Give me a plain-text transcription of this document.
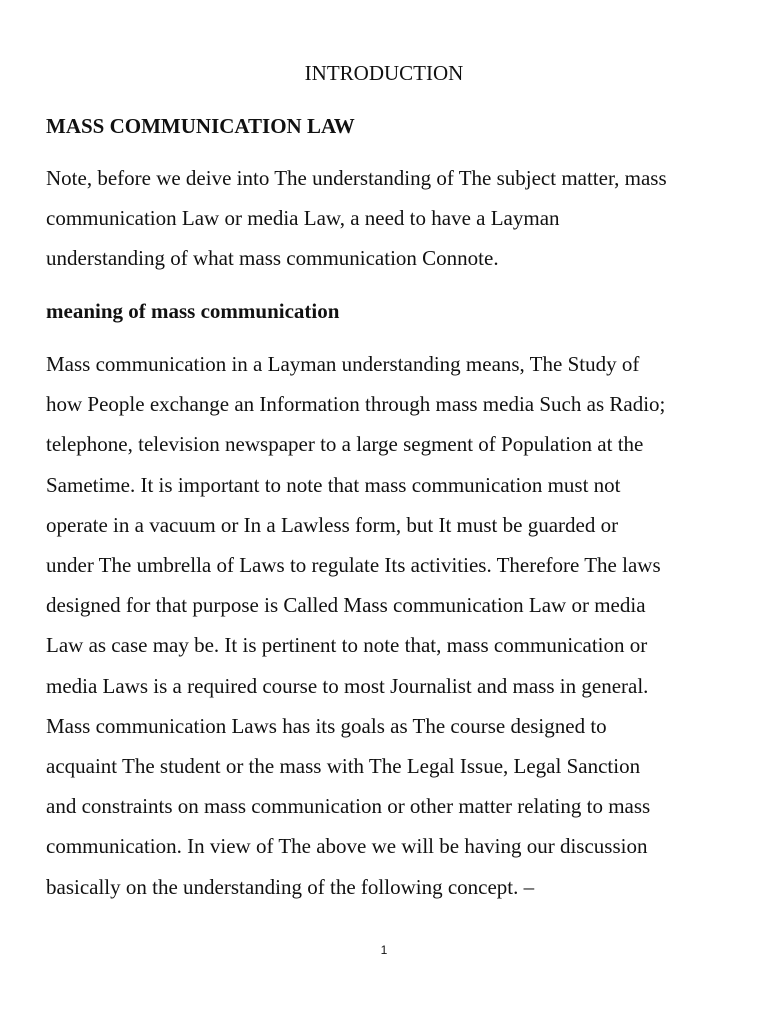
INTRODUCTION
MASS COMMUNICATION LAW

Note, before we deive into The understanding of The subject matter, mass
communication Law or media Law, a need to have a Layman
understanding of what mass communication Connote.

meaning of mass communication

Mass communication in a Layman understanding means, The Study of
how People exchange an Information through mass media Such as Radio;
telephone, television newspaper to a large segment of Population at the
Sametime. It is important to note that mass communication must not
operate in a vacuum or In a Lawless form, but It must be guarded or
under The umbrella of Laws to regulate Its activities. Therefore The laws
designed for that purpose is Called Mass communication Law or media
Law as case may be. It is pertinent to note that, mass communication or
media Laws is a required course to most Journalist and mass in general.
Mass communication Laws has its goals as The course designed to
acquaint The student or the mass with The Legal Issue, Legal Sanction
and constraints on mass communication or other matter relating to mass
communication. In view of The above we will be having our discussion
basically on the understanding of the following concept. –

1
